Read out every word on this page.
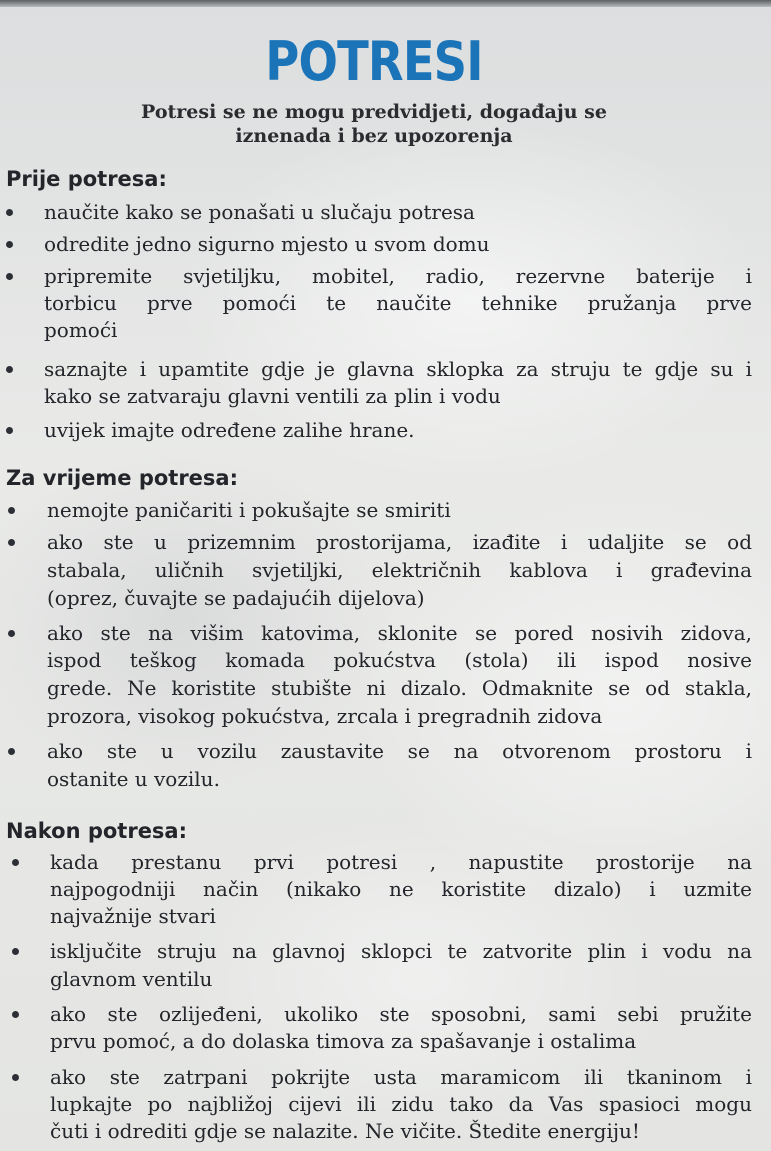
POTRESI
Potresi se ne mogu predvidjeti, događaju se
iznenada i bez upozorenja
Prije potresa:
naučite kako se ponašati u slučaju potresa
odredite jedno sigurno mjesto u svom domu
pripremite svjetiljku, mobitel, radio, rezervne baterije i
torbicu prve pomoći te naučite tehnike pružanja prve
pomoći
saznajte i upamtite gdje je glavna sklopka za struju te gdje su i
kako se zatvaraju glavni ventili za plin i vodu
uvijek imajte određene zalihe hrane.
Za vrijeme potresa:
nemojte paničariti i pokušajte se smiriti
ako ste u prizemnim prostorijama, izađite i udaljite se od
stabala, uličnih svjetiljki, električnih kablova i građevina
(oprez, čuvajte se padajućih dijelova)
ako ste na višim katovima, sklonite se pored nosivih zidova,
ispod teškog komada pokućstva (stola) ili ispod nosive
grede. Ne koristite stubište ni dizalo. Odmaknite se od stakla,
prozora, visokog pokućstva, zrcala i pregradnih zidova
ako ste u vozilu zaustavite se na otvorenom prostoru i
ostanite u vozilu.
Nakon potresa:
kada prestanu prvi potresi , napustite prostorije na
najpogodniji način (nikako ne koristite dizalo) i uzmite
najvažnije stvari
isključite struju na glavnoj sklopci te zatvorite plin i vodu na
glavnom ventilu
ako ste ozlijeđeni, ukoliko ste sposobni, sami sebi pružite
prvu pomoć, a do dolaska timova za spašavanje i ostalima
ako ste zatrpani pokrijte usta maramicom ili tkaninom i
lupkajte po najbližoj cijevi ili zidu tako da Vas spasioci mogu
čuti i odrediti gdje se nalazite. Ne vičite. Štedite energiju!
